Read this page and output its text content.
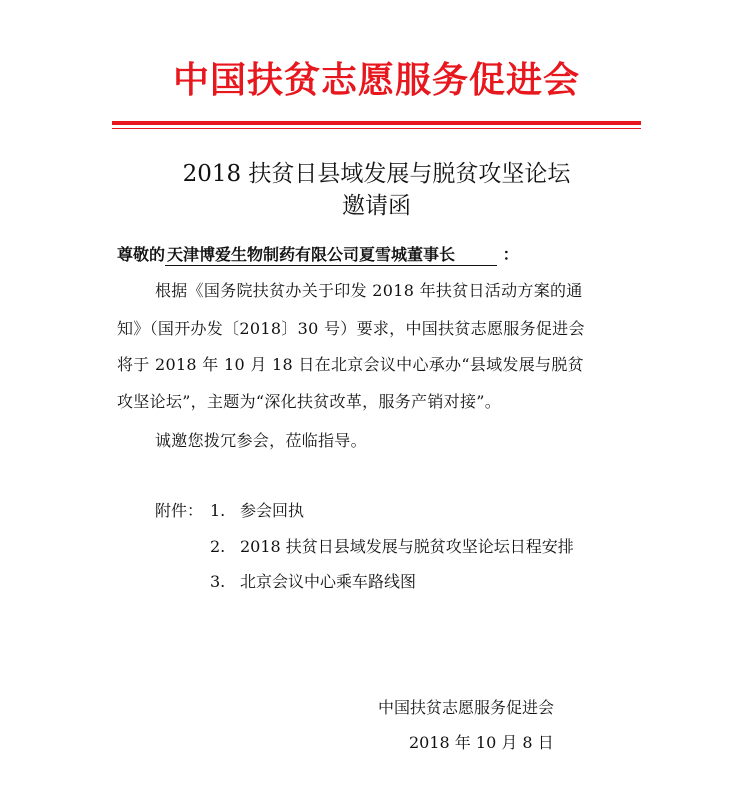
中国扶贫志愿服务促进会
2018 扶贫日县域发展与脱贫攻坚论坛
邀请函
尊敬的天津博爱生物制药有限公司夏雪城董事长	：
根据《国务院扶贫办关于印发 2018 年扶贫日活动方案的通
知》（国开办发〔2018〕30 号）要求，中国扶贫志愿服务促进会
将于 2018 年 10 月 18 日在北京会议中心承办“县域发展与脱贫
攻坚论坛”，主题为“深化扶贫改革，服务产销对接”。
诚邀您拨冗参会，莅临指导。
附件： 1. 参会回执
2. 2018 扶贫日县域发展与脱贫攻坚论坛日程安排
3. 北京会议中心乘车路线图
中国扶贫志愿服务促进会
2018 年 10 月 8 日
